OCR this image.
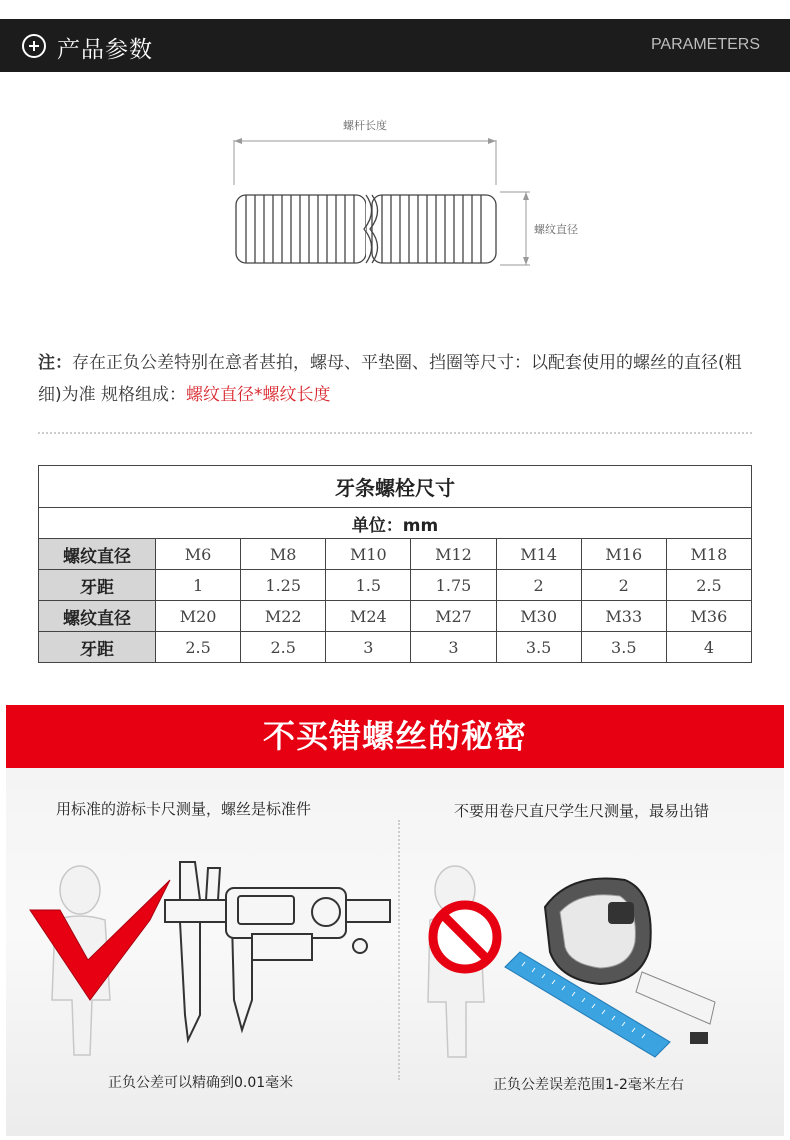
产品参数	PARAMETERS
螺杆长度
螺纹直径
注：存在正负公差特别在意者甚拍，螺母、平垫圈、挡圈等尺寸：以配套使用的螺丝的直径(粗细)为准 规格组成：螺纹直径*螺纹长度
牙条螺栓尺寸							
单位：mm							
螺纹直径	M6	M8	M10	M12	M14	M16	M18
牙距	1	1.25	1.5	1.75	2	2	2.5
螺纹直径	M20	M22	M24	M27	M30	M33	M36
牙距	2.5	2.5	3	3	3.5	3.5	4
不买错螺丝的秘密
用标准的游标卡尺测量，螺丝是标准件	不要用卷尺直尺学生尺测量，最易出错
正负公差可以精确到0.01毫米	正负公差误差范围1-2毫米左右
